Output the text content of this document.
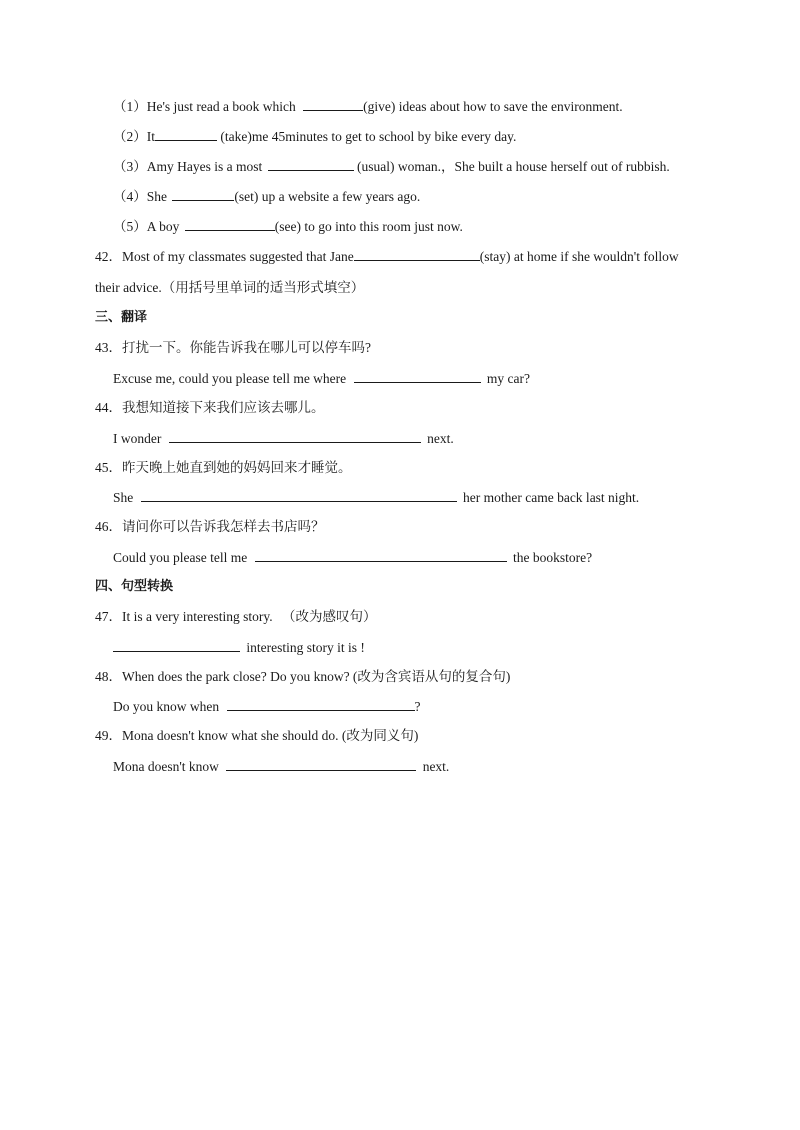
（1）He's just read a book which	(give) ideas about how to save the environment.
（2）It	(take)me 45minutes to get to school by bike every day.
（3）Amy Hayes is a most	(usual) woman.，She built a house herself out of rubbish.
（4）She	(set) up a website a few years ago.
（5）A boy	(see) to go into this room just now.
42．Most of my classmates suggested that Jane	(stay) at home if she wouldn't follow
their advice.（用括号里单词的适当形式填空）
三、翻译
43．打扰一下。你能告诉我在哪儿可以停车吗?
Excuse me, could you please tell me where	my car?
44．我想知道接下来我们应该去哪儿。
I wonder	next.
45．昨天晚上她直到她的妈妈回来才睡觉。
She	her mother came back last night.
46．请问你可以告诉我怎样去书店吗？
Could you please tell me	the bookstore?
四、句型转换
47．It is a very interesting story. （改为感叹句）
interesting story it is !
48．When does the park close? Do you know? (改为含宾语从句的复合句)
Do you know when	?
49．Mona doesn't know what she should do. (改为同义句)
Mona doesn't know	next.
